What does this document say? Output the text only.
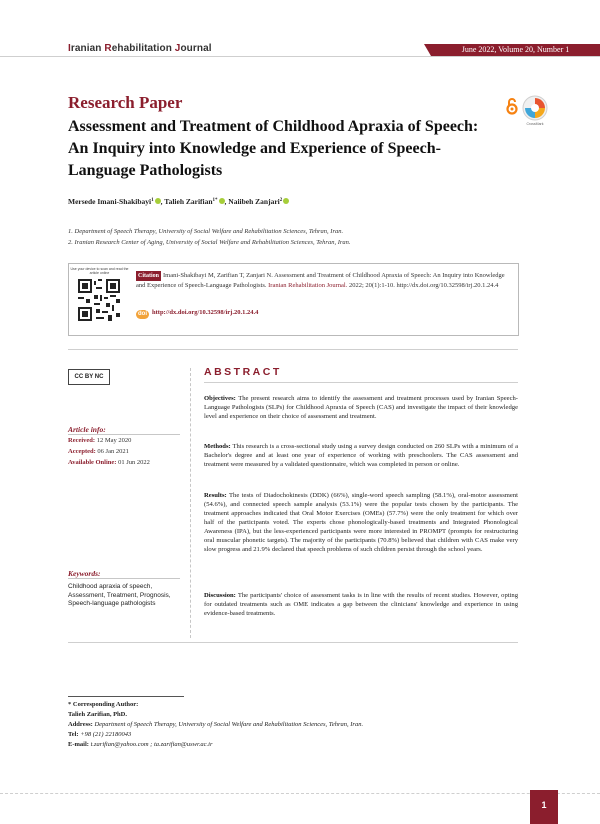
Iranian Rehabilitation Journal	June 2022, Volume 20, Number 1
Research Paper
Assessment and Treatment of Childhood Apraxia of Speech: An Inquiry into Knowledge and Experience of Speech-Language Pathologists
CrossMark
Mersede Imani-Shakibayi$^1$ , Talieh Zarifian$^{1*}$ , Naiibeh Zanjari$^2$
1. Department of Speech Therapy, University of Social Welfare and Rehabilitation Sciences, Tehran, Iran.
2. Iranian Research Center of Aging, University of Social Welfare and Rehabilitation Sciences, Tehran, Iran.
Use your device to scan and read the article online	Citation Imani-Shakibayi M, Zarifian T, Zanjari N. Assessment and Treatment of Childhood Apraxia of Speech: An Inquiry into Knowledge and Experience of Speech-Language Pathologists. Iranian Rehabilitation Journal. 2022; 20(1):1-10. http://dx.doi.org/10.32598/irj.20.1.24.4
doi http://dx.doi.org/10.32598/irj.20.1.24.4
CC BY NC
Article info:
Received: 12 May 2020
Accepted: 06 Jan 2021
Available Online: 01 Jun 2022
Keywords:
Childhood apraxia of speech, Assessment, Treatment, Prognosis, Speech-language pathologists
ABSTRACT
Objectives: The present research aims to identify the assessment and treatment processes used by Iranian Speech-Language Pathologists (SLPs) for Childhood Apraxia of Speech (CAS) and investigate the impact of their knowledge level and experience on their choice of assessment and treatment.
Methods: This research is a cross-sectional study using a survey design conducted on 260 SLPs with a minimum of a Bachelor's degree and at least one year of experience of working with preschoolers. The CAS assessment and treatment were measured by a validated questionnaire, which was completed in person or online.
Results: The tests of Diadochokinesis (DDK) (66%), single-word speech sampling (58.1%), oral-motor assessment (54.6%), and connected speech sample analysis (53.1%) were the popular tests chosen by the participants. The treatment approaches indicated that Oral Motor Exercises (OMEs) (57.7%) were the only treatment for which over half of the participants voted. The experts chose phonologically-based treatments and Integrated Phonological Awareness (IPA), but the less-experienced participants were more interested in PROMPT (prompts for restructuring oral muscular phonetic targets). The majority of the participants (70.8%) believed that children with CAS make very slow progress and 21.9% declared that speech problems of such children persist through the school years.
Discussion: The participants' choice of assessment tasks is in line with the results of recent studies. However, opting for outdated treatments such as OME indicates a gap between the clinicians' knowledge and experience in using evidence-based treatments.
* Corresponding Author:
Talieh Zarifian, PhD.
Address: Department of Speech Therapy, University of Social Welfare and Rehabilitation Sciences, Tehran, Iran.
Tel: +98 (21) 22180043
E-mail: t.zarifian@yahoo.com ; ta.zarifian@uswr.ac.ir
1
